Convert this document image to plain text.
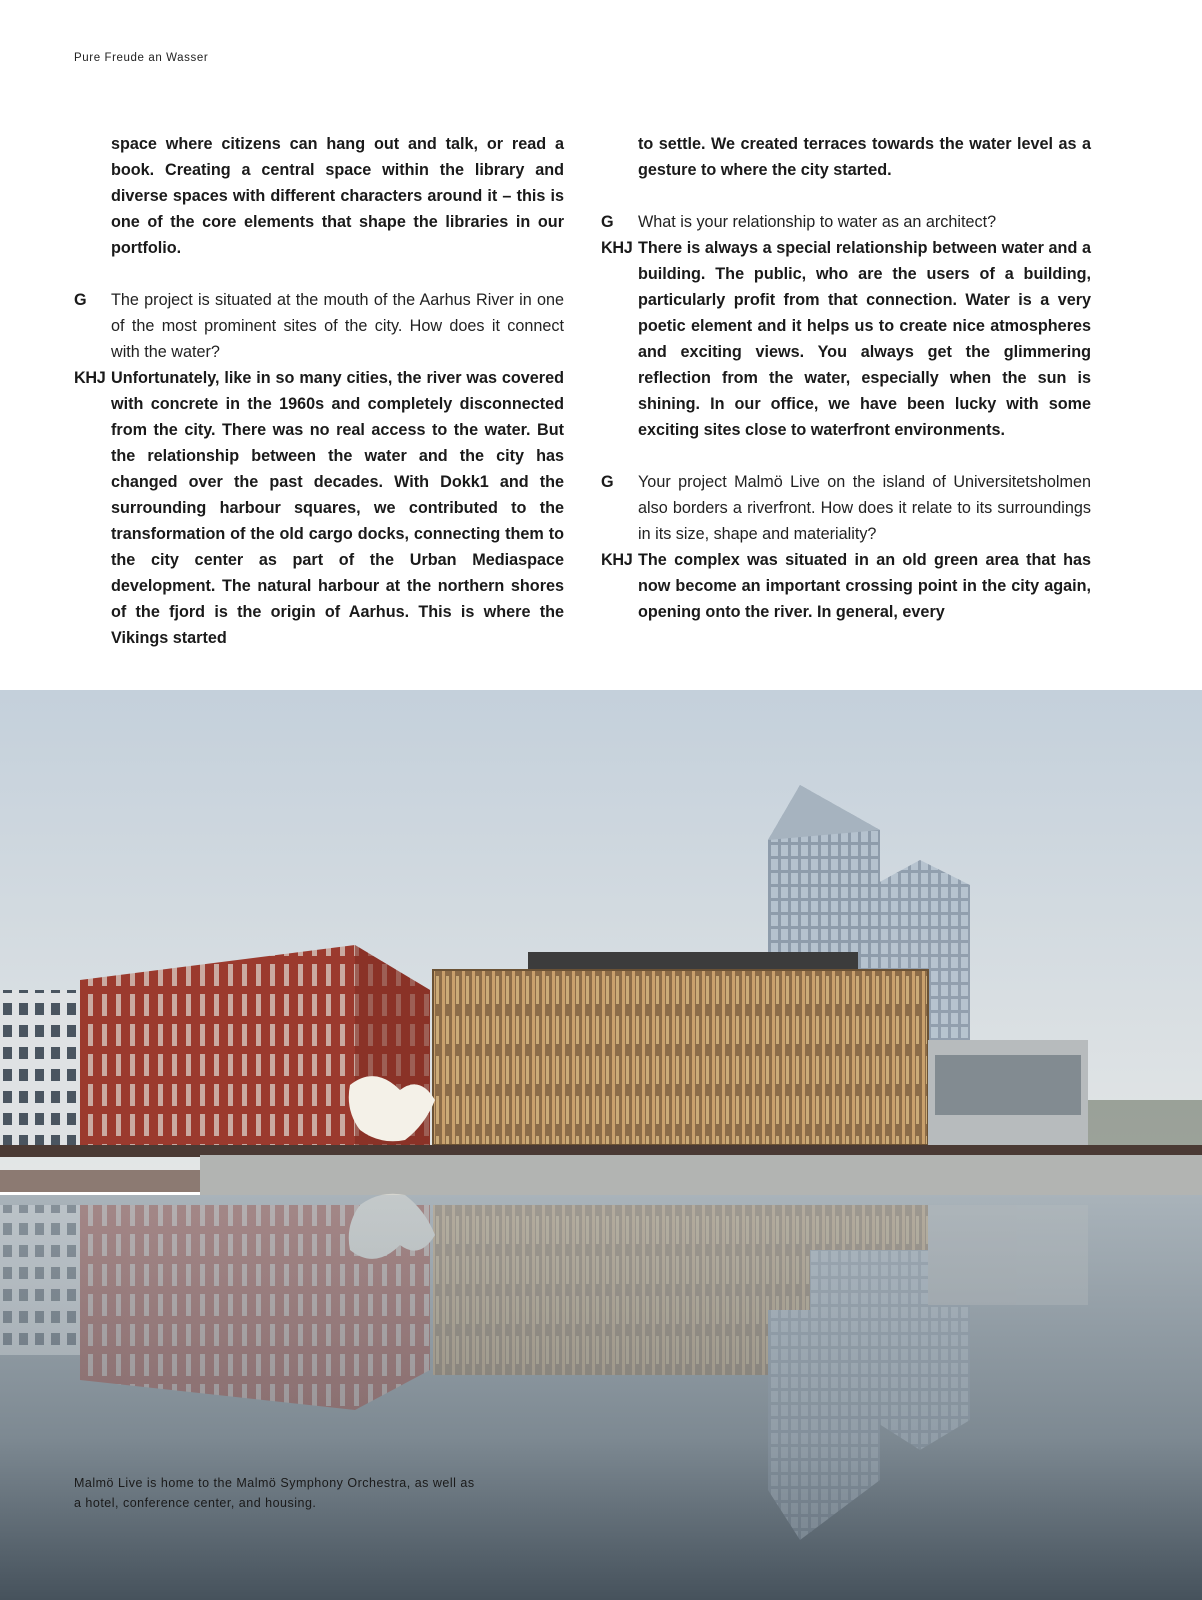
Pure Freude an Wasser
space where citizens can hang out and talk, or read a book. Creating a central space within the library and diverse spaces with different characters around it – this is one of the core elements that shape the libraries in our portfolio.
G	The project is situated at the mouth of the Aarhus River in one of the most prominent sites of the city. How does it connect with the water?
KHJ Unfortunately, like in so many cities, the river was covered with concrete in the 1960s and completely disconnected from the city. There was no real access to the water. But the relationship between the water and the city has changed over the past decades. With Dokk1 and the surrounding harbour squares, we contributed to the transformation of the old cargo docks, connecting them to the city center as part of the Urban Mediaspace development. The natural harbour at the northern shores of the fjord is the origin of Aarhus. This is where the Vikings started
to settle. We created terraces towards the water level as a gesture to where the city started.
G	What is your relationship to water as an architect?
KHJ There is always a special relationship between water and a building. The public, who are the users of a building, particularly profit from that connection. Water is a very poetic element and it helps us to create nice atmospheres and exciting views. You always get the glimmering reflection from the water, especially when the sun is shining. In our office, we have been lucky with some exciting sites close to waterfront environments.
G	Your project Malmö Live on the island of Universitetsholmen also borders a riverfront. How does it relate to its surroundings in its size, shape and materiality?
KHJ The complex was situated in an old green area that has now become an important crossing point in the city again, opening onto the river. In general, every
Malmö Live is home to the Malmö Symphony Orchestra, as well as
a hotel, conference center, and housing.
